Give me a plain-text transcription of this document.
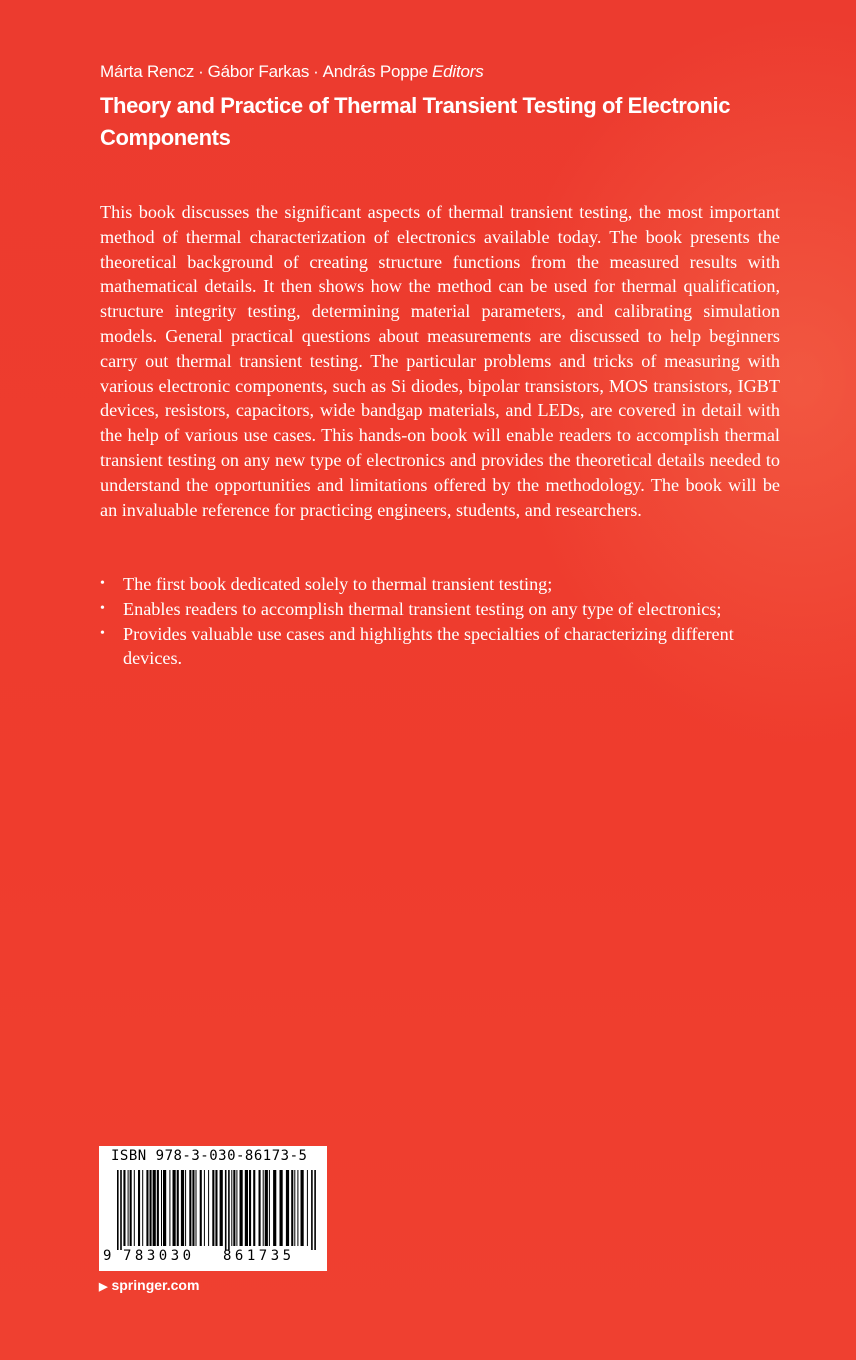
Márta Rencz · Gábor Farkas · András Poppe Editors
Theory and Practice of Thermal Transient Testing of Electronic Components

This book discusses the significant aspects of thermal transient testing, the most important method of thermal characterization of electronics available today. The book presents the theoretical background of creating structure functions from the measured results with mathematical details. It then shows how the method can be used for thermal qualification, structure integrity testing, determining material parameters, and calibrating simulation models. General practical questions about measurements are discussed to help beginners carry out thermal transient testing. The particular problems and tricks of measuring with various electronic components, such as Si diodes, bipolar transistors, MOS transistors, IGBT devices, resistors, capacitors, wide bandgap materials, and LEDs, are covered in detail with the help of various use cases. This hands-on book will enable readers to accomplish thermal transient testing on any new type of electronics and provides the theoretical details needed to understand the opportunities and limitations offered by the methodology. The book will be an invaluable reference for practicing engineers, students, and researchers.

• The first book dedicated solely to thermal transient testing;
• Enables readers to accomplish thermal transient testing on any type of electronics;
• Provides valuable use cases and highlights the specialties of characterizing different devices.
ISBN 978-3-030-86173-5
9 783030 861735
▶ springer.com
